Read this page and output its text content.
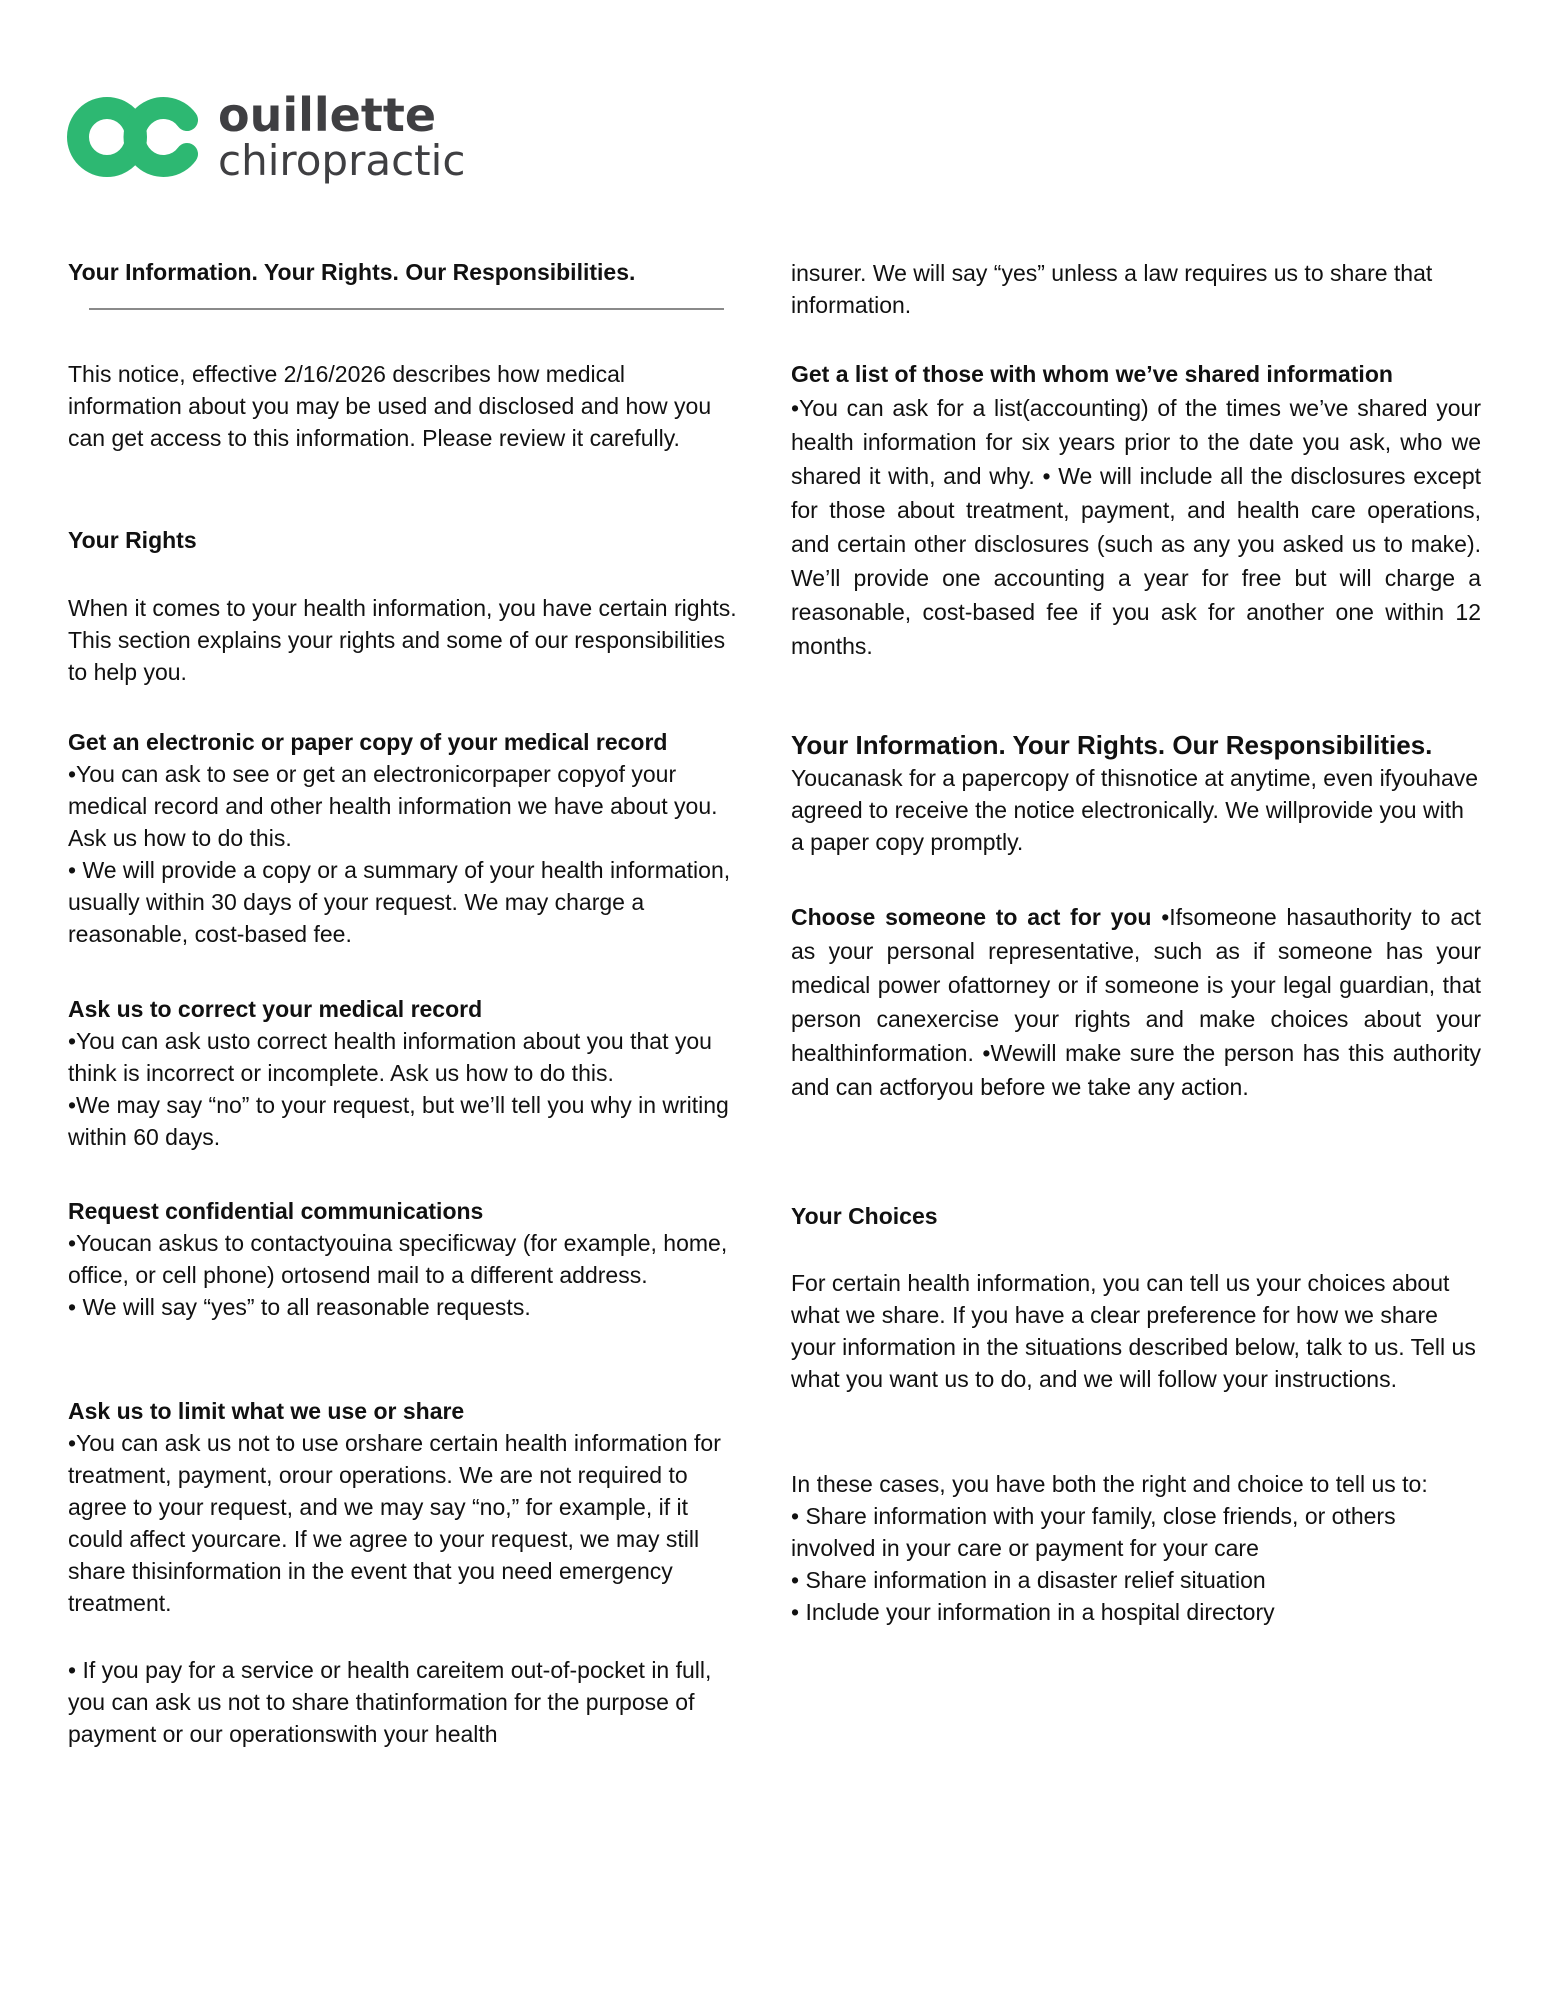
ouillette
chiropractic
Your Information. Your Rights. Our Responsibilities.
This notice, effective 2/16/2026 describes how medical information about you may be used and disclosed and how you can get access to this information. Please review it carefully.
Your Rights
When it comes to your health information, you have certain rights. This section explains your rights and some of our responsibilities to help you.
Get an electronic or paper copy of your medical record
•You can ask to see or get an electronicorpaper copyof your medical record and other health information we have about you. Ask us how to do this.
• We will provide a copy or a summary of your health information, usually within 30 days of your request. We may charge a reasonable, cost-based fee.
Ask us to correct your medical record
•You can ask usto correct health information about you that you think is incorrect or incomplete. Ask us how to do this.
•We may say “no” to your request, but we’ll tell you why in writing within 60 days.
Request confidential communications
•Youcan askus to contactyouina specificway (for example, home, office, or cell phone) ortosend mail to a different address.
• We will say “yes” to all reasonable requests.
Ask us to limit what we use or share
•You can ask us not to use orshare certain health information for treatment, payment, orour operations. We are not required to agree to your request, and we may say “no,” for example, if it could affect yourcare. If we agree to your request, we may still share thisinformation in the event that you need emergency treatment.
• If you pay for a service or health careitem out-of-pocket in full, you can ask us not to share thatinformation for the purpose of payment or our operationswith your health
insurer. We will say “yes” unless a law requires us to share that information.
Get a list of those with whom we’ve shared information
•You can ask for a list(accounting) of the times we’ve shared your health information for six years prior to the date you ask, who we shared it with, and why. • We will include all the disclosures except for those about treatment, payment, and health care operations, and certain other disclosures (such as any you asked us to make). We’ll provide one accounting a year for free but will charge a reasonable, cost-based fee if you ask for another one within 12 months.
Your Information. Your Rights. Our Responsibilities.
Youcanask for a papercopy of thisnotice at anytime, even ifyouhave agreed to receive the notice electronically. We willprovide you with a paper copy promptly.
Choose someone to act for you •Ifsomeone hasauthority to act as your personal representative, such as if someone has your medical power ofattorney or if someone is your legal guardian, that person canexercise your rights and make choices about your healthinformation. •Wewill make sure the person has this authority and can actforyou before we take any action.
Your Choices
For certain health information, you can tell us your choices about what we share. If you have a clear preference for how we share your information in the situations described below, talk to us. Tell us what you want us to do, and we will follow your instructions.
In these cases, you have both the right and choice to tell us to:
• Share information with your family, close friends, or others involved in your care or payment for your care
• Share information in a disaster relief situation
• Include your information in a hospital directory
